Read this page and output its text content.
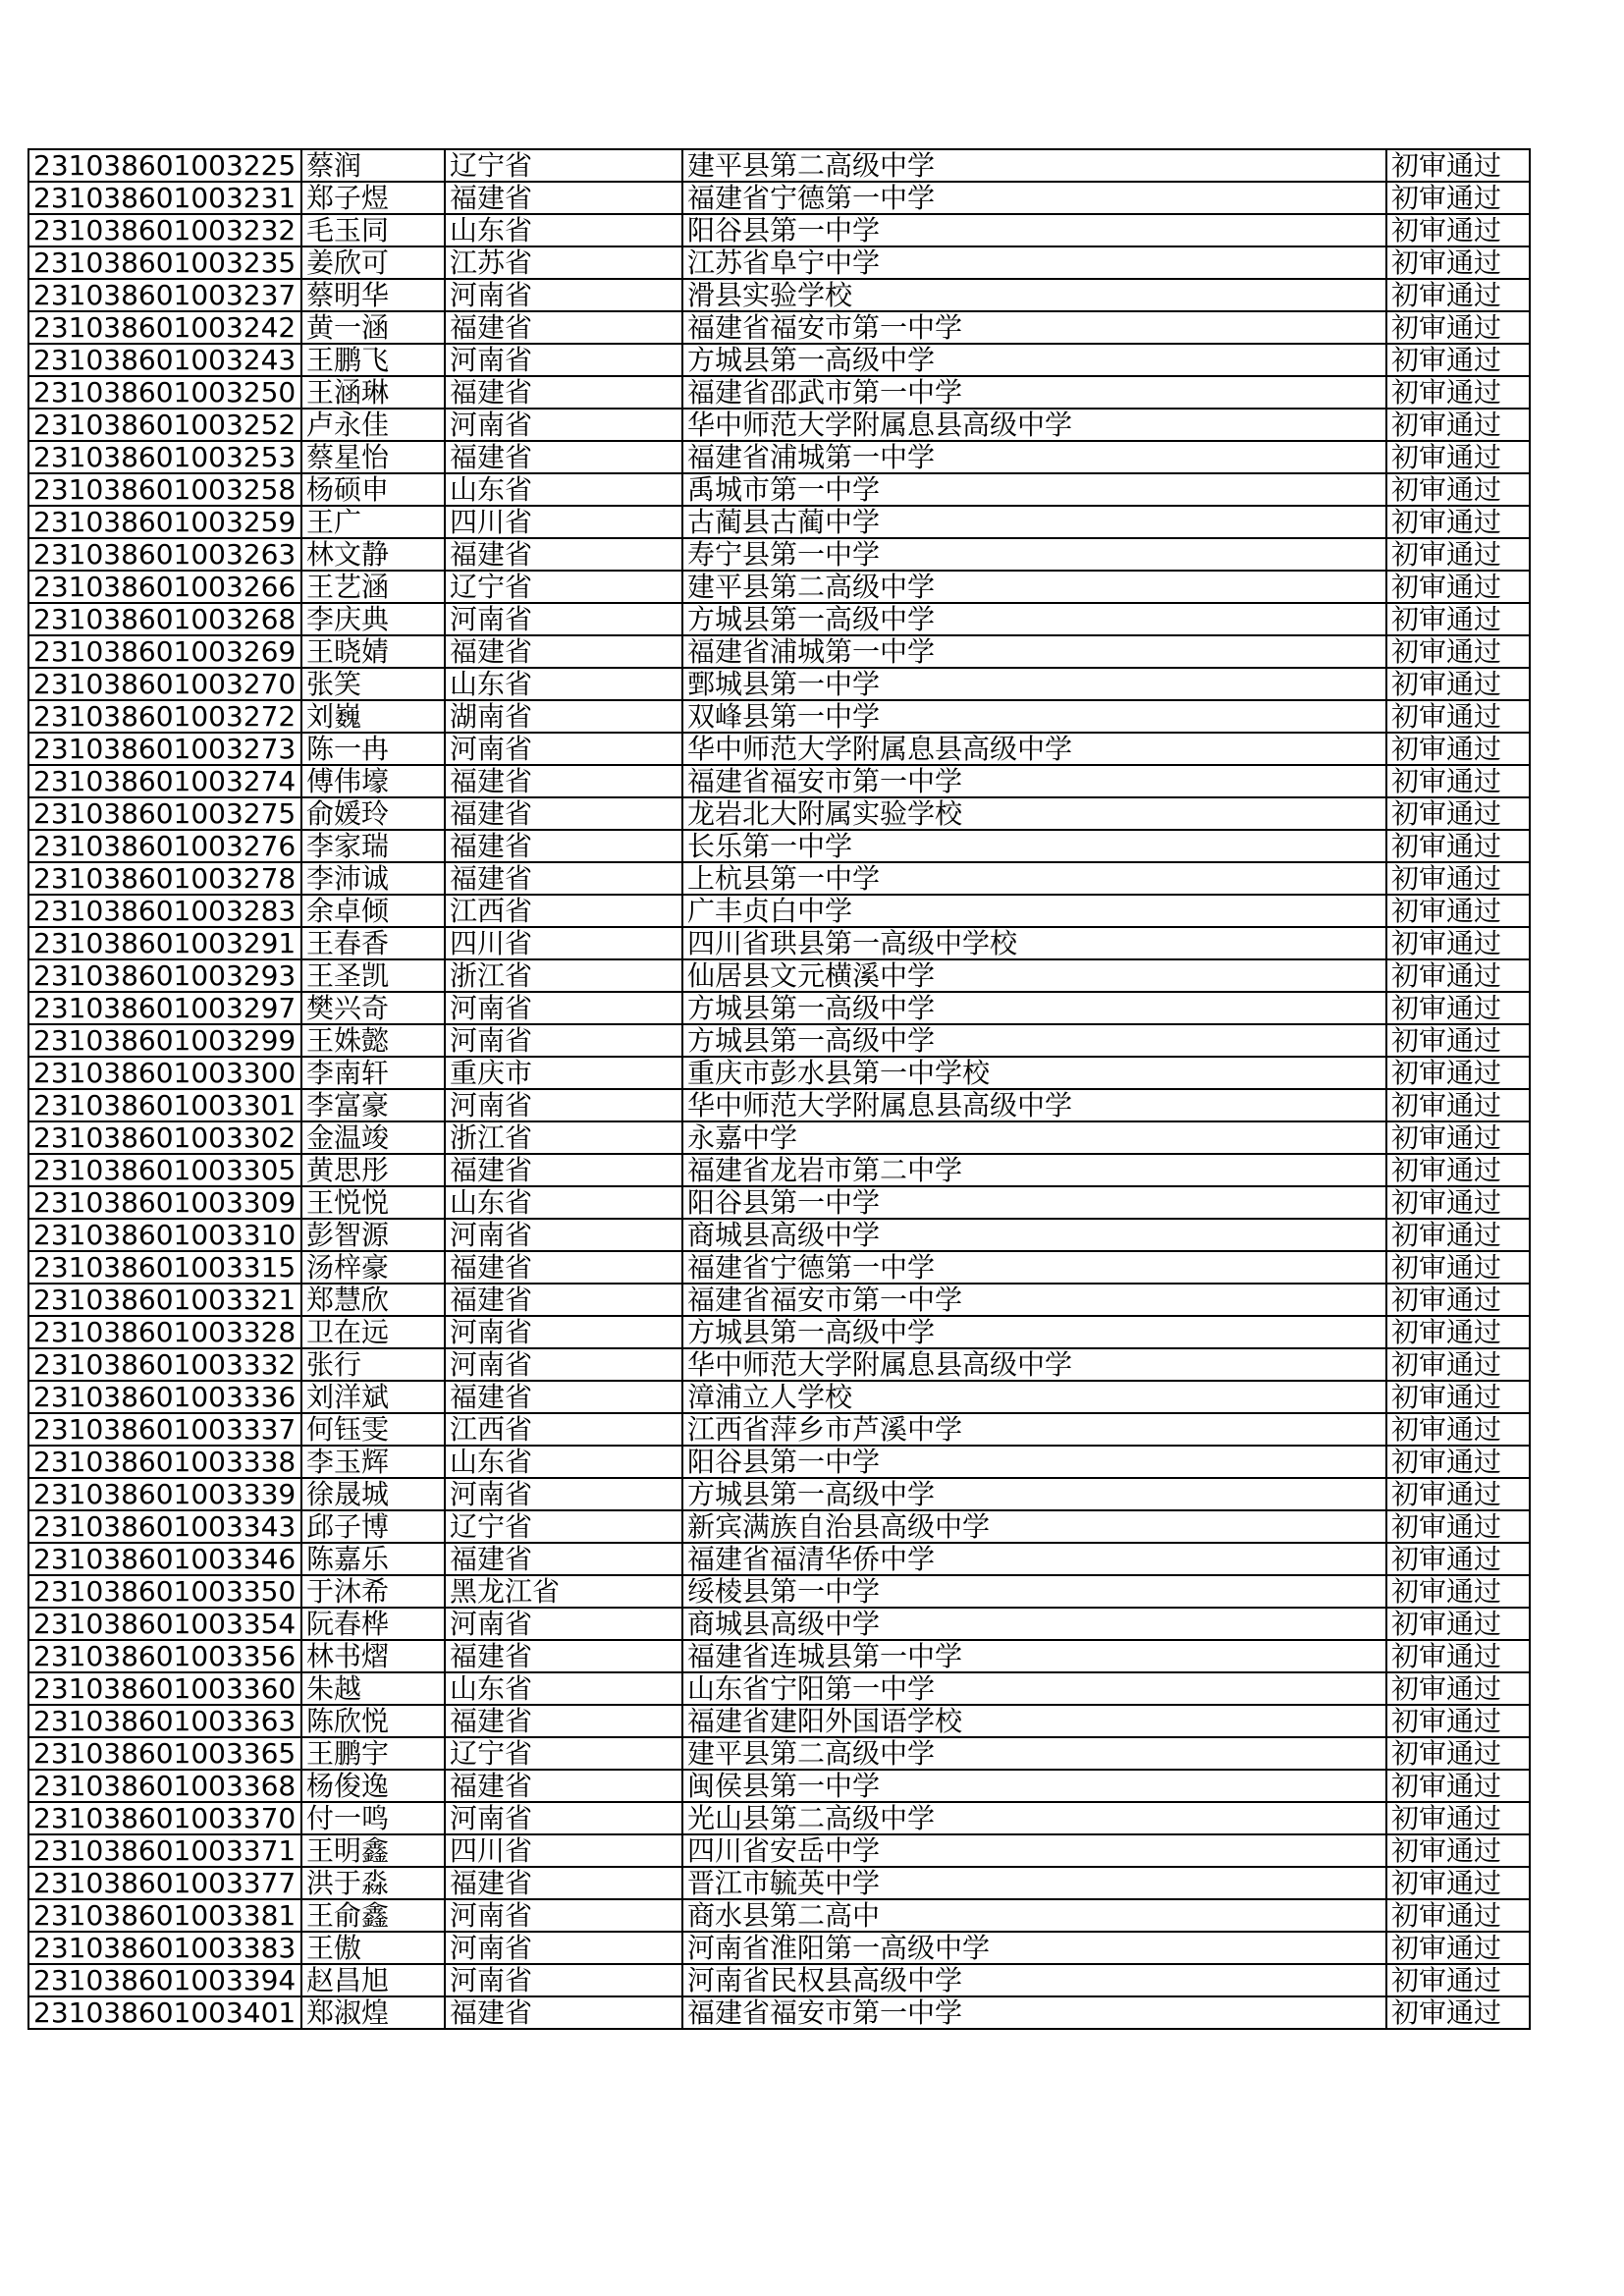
231038601003225	蔡润	辽宁省	建平县第二高级中学	初审通过
231038601003231	郑子煜	福建省	福建省宁德第一中学	初审通过
231038601003232	毛玉同	山东省	阳谷县第一中学	初审通过
231038601003235	姜欣可	江苏省	江苏省阜宁中学	初审通过
231038601003237	蔡明华	河南省	滑县实验学校	初审通过
231038601003242	黄一涵	福建省	福建省福安市第一中学	初审通过
231038601003243	王鹏飞	河南省	方城县第一高级中学	初审通过
231038601003250	王涵琳	福建省	福建省邵武市第一中学	初审通过
231038601003252	卢永佳	河南省	华中师范大学附属息县高级中学	初审通过
231038601003253	蔡星怡	福建省	福建省浦城第一中学	初审通过
231038601003258	杨硕申	山东省	禹城市第一中学	初审通过
231038601003259	王广	四川省	古蔺县古蔺中学	初审通过
231038601003263	林文静	福建省	寿宁县第一中学	初审通过
231038601003266	王艺涵	辽宁省	建平县第二高级中学	初审通过
231038601003268	李庆典	河南省	方城县第一高级中学	初审通过
231038601003269	王晓婧	福建省	福建省浦城第一中学	初审通过
231038601003270	张笑	山东省	鄄城县第一中学	初审通过
231038601003272	刘巍	湖南省	双峰县第一中学	初审通过
231038601003273	陈一冉	河南省	华中师范大学附属息县高级中学	初审通过
231038601003274	傅伟壕	福建省	福建省福安市第一中学	初审通过
231038601003275	俞媛玲	福建省	龙岩北大附属实验学校	初审通过
231038601003276	李家瑞	福建省	长乐第一中学	初审通过
231038601003278	李沛诚	福建省	上杭县第一中学	初审通过
231038601003283	余卓倾	江西省	广丰贞白中学	初审通过
231038601003291	王春香	四川省	四川省珙县第一高级中学校	初审通过
231038601003293	王圣凯	浙江省	仙居县文元横溪中学	初审通过
231038601003297	樊兴奇	河南省	方城县第一高级中学	初审通过
231038601003299	王姝懿	河南省	方城县第一高级中学	初审通过
231038601003300	李南轩	重庆市	重庆市彭水县第一中学校	初审通过
231038601003301	李富豪	河南省	华中师范大学附属息县高级中学	初审通过
231038601003302	金温竣	浙江省	永嘉中学	初审通过
231038601003305	黄思彤	福建省	福建省龙岩市第二中学	初审通过
231038601003309	王悦悦	山东省	阳谷县第一中学	初审通过
231038601003310	彭智源	河南省	商城县高级中学	初审通过
231038601003315	汤梓豪	福建省	福建省宁德第一中学	初审通过
231038601003321	郑慧欣	福建省	福建省福安市第一中学	初审通过
231038601003328	卫在远	河南省	方城县第一高级中学	初审通过
231038601003332	张行	河南省	华中师范大学附属息县高级中学	初审通过
231038601003336	刘洋斌	福建省	漳浦立人学校	初审通过
231038601003337	何钰雯	江西省	江西省萍乡市芦溪中学	初审通过
231038601003338	李玉辉	山东省	阳谷县第一中学	初审通过
231038601003339	徐晟城	河南省	方城县第一高级中学	初审通过
231038601003343	邱子博	辽宁省	新宾满族自治县高级中学	初审通过
231038601003346	陈嘉乐	福建省	福建省福清华侨中学	初审通过
231038601003350	于沐希	黑龙江省	绥棱县第一中学	初审通过
231038601003354	阮春桦	河南省	商城县高级中学	初审通过
231038601003356	林书熠	福建省	福建省连城县第一中学	初审通过
231038601003360	朱越	山东省	山东省宁阳第一中学	初审通过
231038601003363	陈欣悦	福建省	福建省建阳外国语学校	初审通过
231038601003365	王鹏宇	辽宁省	建平县第二高级中学	初审通过
231038601003368	杨俊逸	福建省	闽侯县第一中学	初审通过
231038601003370	付一鸣	河南省	光山县第二高级中学	初审通过
231038601003371	王明鑫	四川省	四川省安岳中学	初审通过
231038601003377	洪于淼	福建省	晋江市毓英中学	初审通过
231038601003381	王俞鑫	河南省	商水县第二高中	初审通过
231038601003383	王傲	河南省	河南省淮阳第一高级中学	初审通过
231038601003394	赵昌旭	河南省	河南省民权县高级中学	初审通过
231038601003401	郑淑煌	福建省	福建省福安市第一中学	初审通过
